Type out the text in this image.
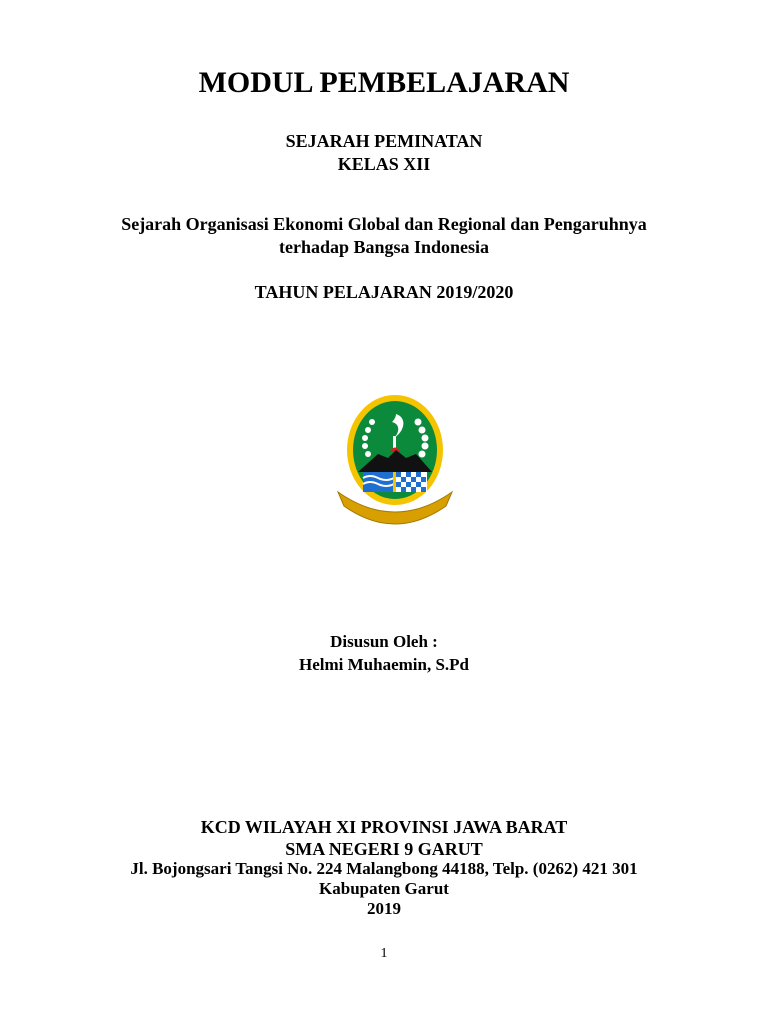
MODUL PEMBELAJARAN
SEJARAH PEMINATAN
KELAS XII
Sejarah Organisasi Ekonomi Global dan Regional dan Pengaruhnya
terhadap Bangsa Indonesia
TAHUN PELAJARAN 2019/2020
Disusun Oleh :
Helmi Muhaemin, S.Pd
KCD WILAYAH XI PROVINSI JAWA BARAT
SMA NEGERI 9 GARUT
Jl. Bojongsari Tangsi No. 224 Malangbong 44188, Telp. (0262) 421 301
Kabupaten Garut
2019
1
